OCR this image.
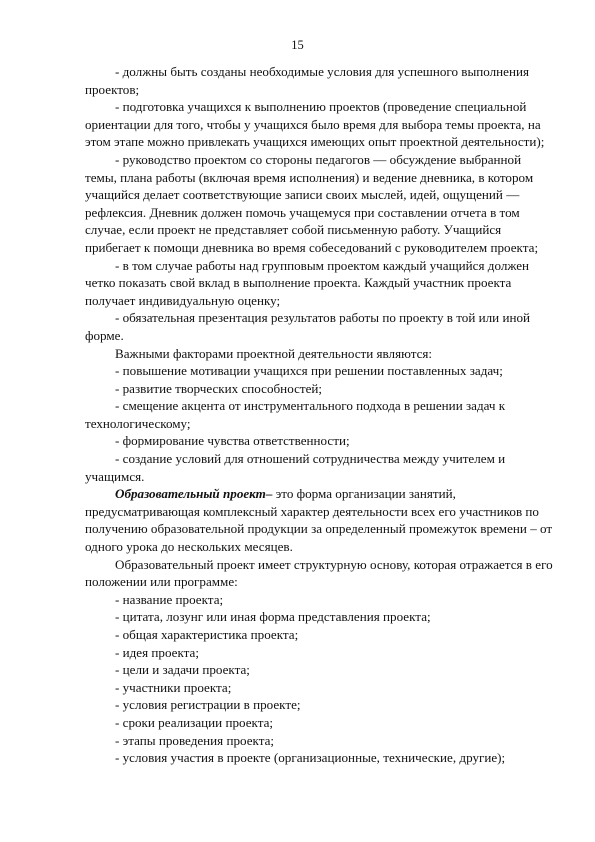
15

- должны быть созданы необходимые условия для успешного выполнения проектов;

- подготовка учащихся к выполнению проектов (проведение специальной ориентации для того, чтобы у учащихся было время для выбора темы проекта, на этом этапе можно привлекать учащихся имеющих опыт проектной деятельности);

- руководство проектом со стороны педагогов — обсуждение выбранной темы, плана работы (включая время исполнения) и ведение дневника, в котором учащийся делает соответствующие записи своих мыслей, идей, ощущений — рефлексия. Дневник должен помочь учащемуся при составлении отчета в том случае, если проект не представляет собой письменную работу. Учащийся прибегает к помощи дневника во время собеседований с руководителем проекта;

- в том случае работы над групповым проектом каждый учащийся должен четко показать свой вклад в выполнение проекта. Каждый участник проекта получает индивидуальную оценку;

- обязательная презентация результатов работы по проекту в той или иной форме.

Важными факторами проектной деятельности являются:

- повышение мотивации учащихся при решении поставленных задач;

- развитие творческих способностей;

- смещение акцента от инструментального подхода в решении задач к технологическому;

- формирование чувства ответственности;

- создание условий для отношений сотрудничества между учителем и учащимся.

Образовательный проект– это форма организации занятий, предусматривающая комплексный характер деятельности всех его участников по получению образовательной продукции за определенный промежуток времени – от одного урока до нескольких месяцев.

Образовательный проект имеет структурную основу, которая отражается в его положении или программе:

- название проекта;

- цитата, лозунг или иная форма представления проекта;

- общая характеристика проекта;

- идея проекта;

- цели и задачи проекта;

- участники проекта;

- условия регистрации в проекте;

- сроки реализации проекта;

- этапы проведения проекта;

- условия участия в проекте (организационные, технические, другие);
